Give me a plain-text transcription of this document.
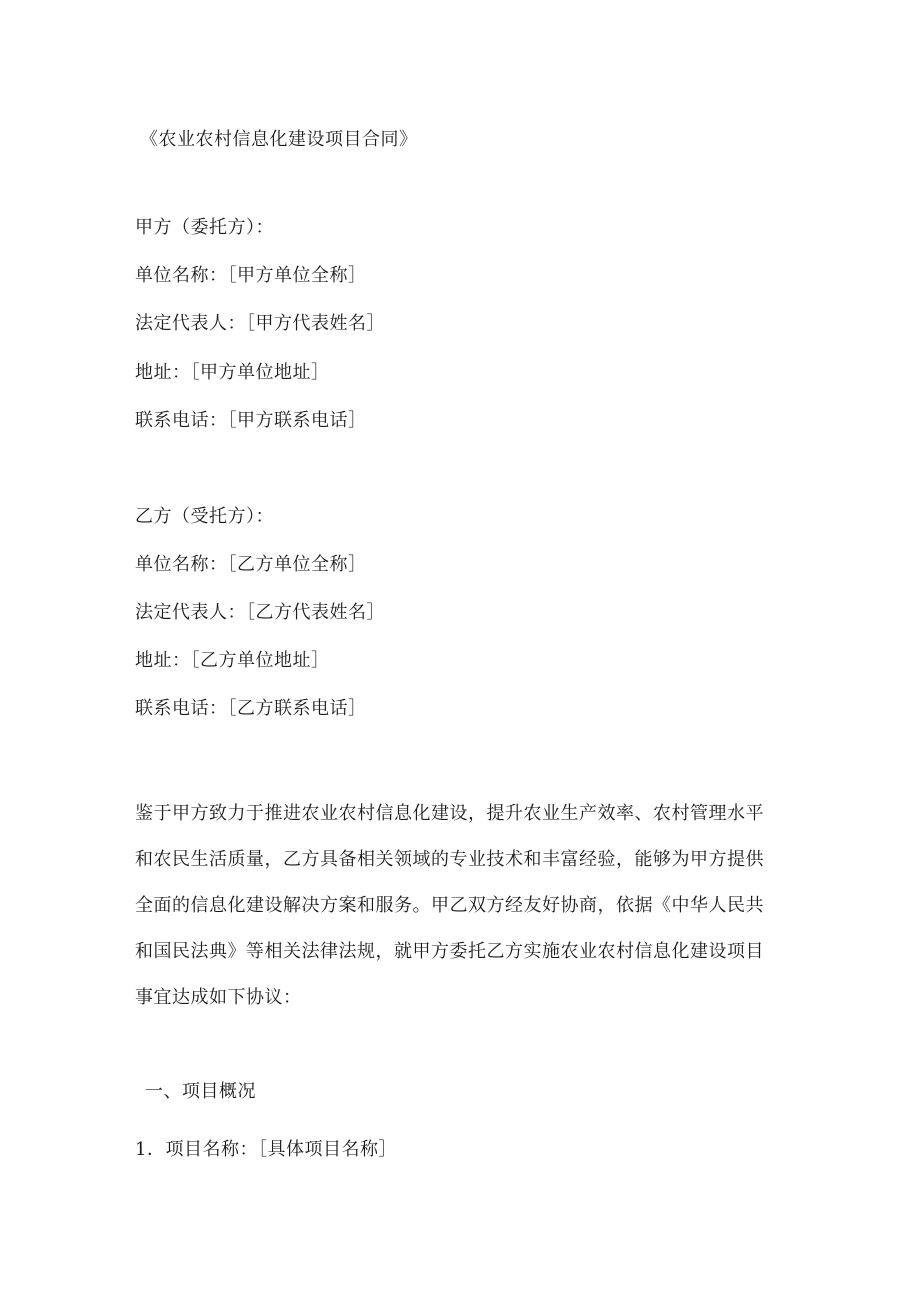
《农业农村信息化建设项目合同》
甲方（委托方）：
单位名称：［甲方单位全称］
法定代表人：［甲方代表姓名］
地址：［甲方单位地址］
联系电话：［甲方联系电话］
乙方（受托方）：
单位名称：［乙方单位全称］
法定代表人：［乙方代表姓名］
地址：［乙方单位地址］
联系电话：［乙方联系电话］
鉴于甲方致力于推进农业农村信息化建设，提升农业生产效率、农村管理水平
和农民生活质量，乙方具备相关领域的专业技术和丰富经验，能够为甲方提供
全面的信息化建设解决方案和服务。甲乙双方经友好协商，依据《中华人民共
和国民法典》等相关法律法规，就甲方委托乙方实施农业农村信息化建设项目
事宜达成如下协议：
一、项目概况
1．项目名称：［具体项目名称］
